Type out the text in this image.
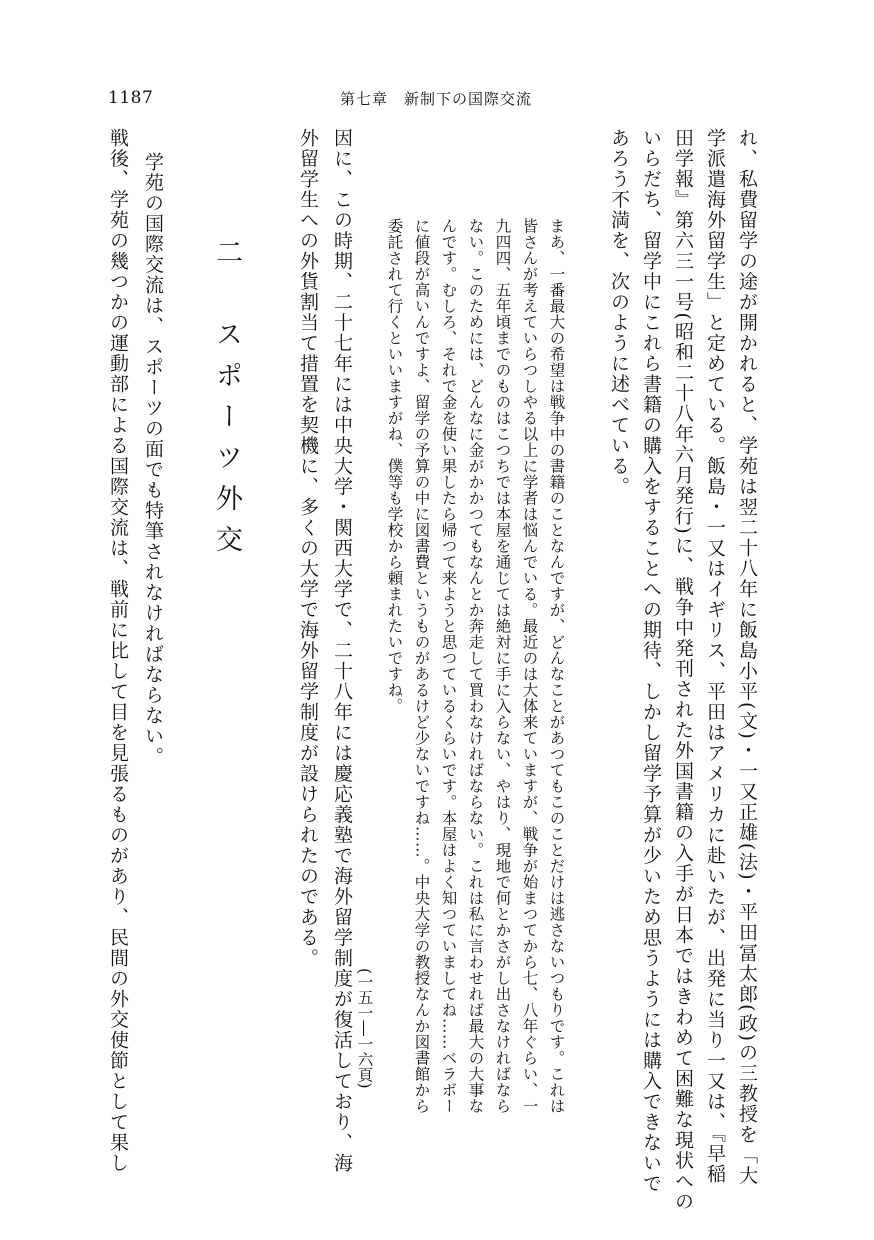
1187	第七章　新制下の国際交流
れ、私費留学の途が開かれると、学苑は翌二十八年に飯島小平(文)・一又正雄(法)・平田冨太郎(政)の三教授を「大
学派遣海外留学生」と定めている。飯島・一又はイギリス、平田はアメリカに赴いたが、出発に当り一又は、『早稲
田学報』第六三一号(昭和二十八年六月発行)に、戦争中発刊された外国書籍の入手が日本ではきわめて困難な現状への
いらだち、留学中にこれら書籍の購入をすることへの期待、しかし留学予算が少いため思うようには購入できないで
あろう不満を、次のように述べている。
まあ、一番最大の希望は戦争中の書籍のことなんですが、どんなことがあつてもこのことだけは逃さないつもりです。これは
皆さんが考えていらつしやる以上に学者は悩んでいる。最近のは大体来ていますが、戦争が始まつてから七、八年ぐらい、一
九四四、五年頃までのものはこつちでは本屋を通じては絶対に手に入らない、やはり、現地で何とかさがし出さなければなら
ない。このためには、どんなに金がかかつてもなんとか奔走して買わなければならない。これは私に言わせれば最大の大事な
んです。むしろ、それで金を使い果したら帰つて来ようと思つているくらいです。本屋はよく知つていましてね……ベラボー
に値段が高いんですよ、留学の予算の中に図書費というものがあるけど少ないですね……。中央大学の教授なんか図書館から
委託されて行くといいますがね、僕等も学校から頼まれたいですね。
(一五一―一六頁)
因に、この時期、二十七年には中央大学・関西大学で、二十八年には慶応義塾で海外留学制度が復活しており、海
外留学生への外貨割当て措置を契機に、多くの大学で海外留学制度が設けられたのである。
二　スポーツ外交
学苑の国際交流は、スポーツの面でも特筆されなければならない。
戦後、学苑の幾つかの運動部による国際交流は、戦前に比して目を見張るものがあり、民間の外交使節として果し
